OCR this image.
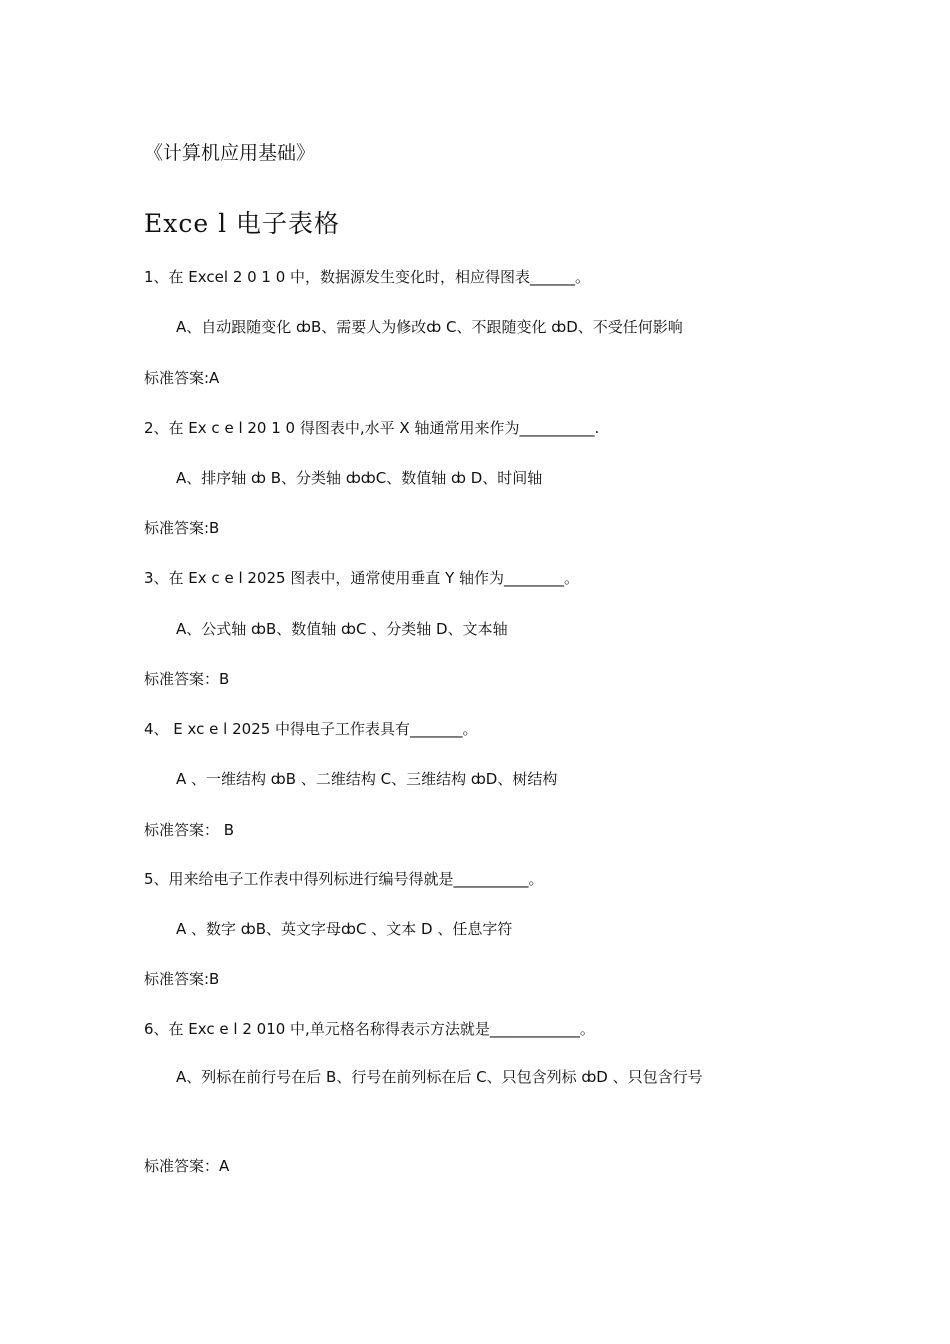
《计算机应用基础》
Exce l 电子表格
1、在 Excel 2 0 1 0 中，数据源发生变化时，相应得图表______。
A、自动跟随变化 ȸB、需要人为修改ȸ C、不跟随变化 ȸD、不受任何影响
标准答案:A
2、在 Ex c e l 20 1 0 得图表中,水平 X 轴通常用来作为__________.
A、排序轴 ȸ B、分类轴 ȸȸC、数值轴 ȸ D、时间轴
标准答案:B
3、在 Ex c e l 2025 图表中，通常使用垂直 Y 轴作为________。
A、公式轴 ȸB、数值轴 ȸC 、分类轴 D、文本轴
标准答案：B
4、 E xc e l 2025 中得电子工作表具有_______。
A 、一维结构 ȸB 、二维结构 C、三维结构 ȸD、树结构
标准答案： B
5、用来给电子工作表中得列标进行编号得就是__________。
A 、数字 ȸB、英文字母ȸC 、文本 D 、任息字符
标准答案:B
6、在 Exc e l 2 010 中,单元格名称得表示方法就是____________。
A、列标在前行号在后 B、行号在前列标在后 C、只包含列标 ȸD 、只包含行号
标准答案：A
